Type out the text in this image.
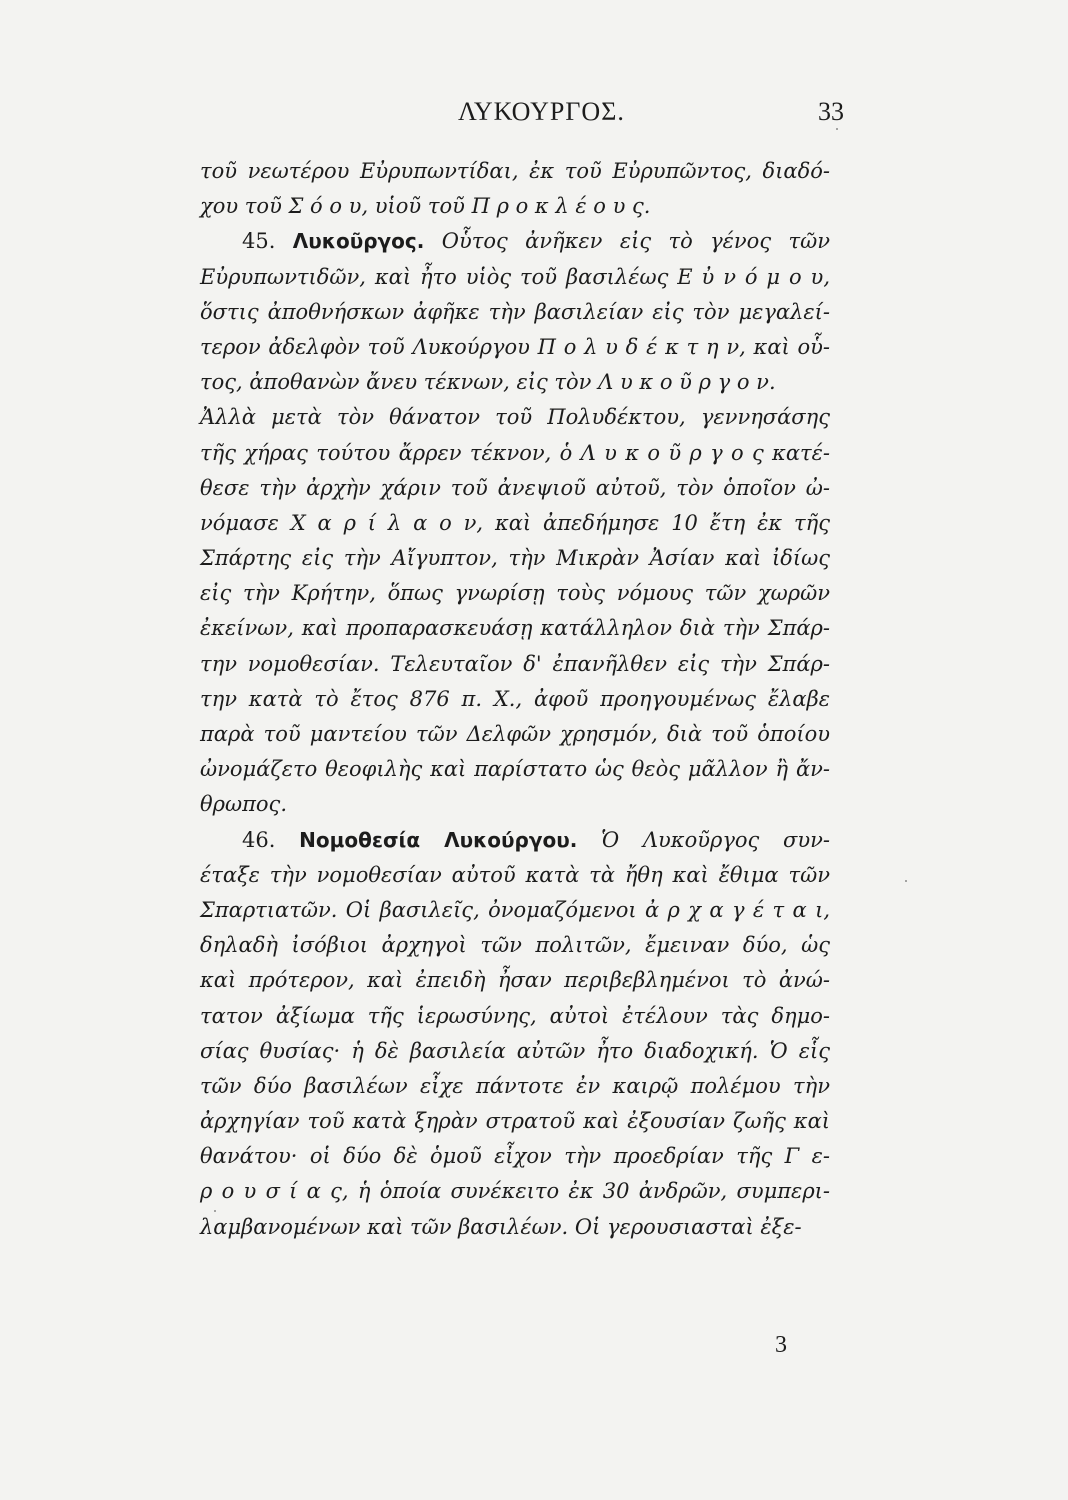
ΛΥΚΟΥΡΓΟΣ.	33
τοῦ νεωτέρου Εὐρυπωντίδαι, ἐκ τοῦ Εὐρυπῶντος, διαδό-
χου τοῦ Σ ό ο υ, υἱοῦ τοῦ Π ρ ο κ λ έ ο υ ς.
45. Λυκοῦργος. Οὗτος ἀνῆκεν εἰς τὸ γένος τῶν
Εὐρυπωντιδῶν, καὶ ἦτο υἱὸς τοῦ βασιλέως Ε ὐ ν ό μ ο υ,
ὅστις ἀποθνήσκων ἀφῆκε τὴν βασιλείαν εἰς τὸν μεγαλεί-
τερον ἀδελφὸν τοῦ Λυκούργου Π ο λ υ δ έ κ τ η ν, καὶ οὗ-
τος, ἀποθανὼν ἄνευ τέκνων, εἰς τὸν Λ υ κ ο ῦ ρ γ ο ν.
Ἀλλὰ μετὰ τὸν θάνατον τοῦ Πολυδέκτου, γεννησάσης
τῆς χήρας τούτου ἄρρεν τέκνον, ὁ Λ υ κ ο ῦ ρ γ ο ς κατέ-
θεσε τὴν ἀρχὴν χάριν τοῦ ἀνεψιοῦ αὐτοῦ, τὸν ὁποῖον ὠ-
νόμασε Χ α ρ ί λ α ο ν, καὶ ἀπεδήμησε 10 ἔτη ἐκ τῆς
Σπάρτης εἰς τὴν Αἴγυπτον, τὴν Μικρὰν Ἀσίαν καὶ ἰδίως
εἰς τὴν Κρήτην, ὅπως γνωρίσῃ τοὺς νόμους τῶν χωρῶν
ἐκείνων, καὶ προπαρασκευάσῃ κατάλληλον διὰ τὴν Σπάρ-
την νομοθεσίαν. Τελευταῖον δ' ἐπανῆλθεν εἰς τὴν Σπάρ-
την κατὰ τὸ ἔτος 876 π. Χ., ἀφοῦ προηγουμένως ἔλαβε
παρὰ τοῦ μαντείου τῶν Δελφῶν χρησμόν, διὰ τοῦ ὁποίου
ὠνομάζετο θεοφιλὴς καὶ παρίστατο ὡς θεὸς μᾶλλον ἢ ἄν-
θρωπος.
46. Νομοθεσία Λυκούργου. Ὁ Λυκοῦργος συν-
έταξε τὴν νομοθεσίαν αὐτοῦ κατὰ τὰ ἤθη καὶ ἔθιμα τῶν
Σπαρτιατῶν. Οἱ βασιλεῖς, ὀνομαζόμενοι ἀ ρ χ α γ έ τ α ι,
δηλαδὴ ἰσόβιοι ἀρχηγοὶ τῶν πολιτῶν, ἔμειναν δύο, ὡς
καὶ πρότερον, καὶ ἐπειδὴ ἦσαν περιβεβλημένοι τὸ ἀνώ-
τατον ἀξίωμα τῆς ἱερωσύνης, αὐτοὶ ἐτέλουν τὰς δημο-
σίας θυσίας· ἡ δὲ βασιλεία αὐτῶν ἦτο διαδοχική. Ὁ εἷς
τῶν δύο βασιλέων εἶχε πάντοτε ἐν καιρῷ πολέμου τὴν
ἀρχηγίαν τοῦ κατὰ ξηρὰν στρατοῦ καὶ ἐξουσίαν ζωῆς καὶ
θανάτου· οἱ δύο δὲ ὁμοῦ εἶχον τὴν προεδρίαν τῆς Γ ε-
ρ ο υ σ ί α ς, ἡ ὁποία συνέκειτο ἐκ 30 ἀνδρῶν, συμπερι-
λαμβανομένων καὶ τῶν βασιλέων. Οἱ γερουσιασταὶ ἐξε-
3
